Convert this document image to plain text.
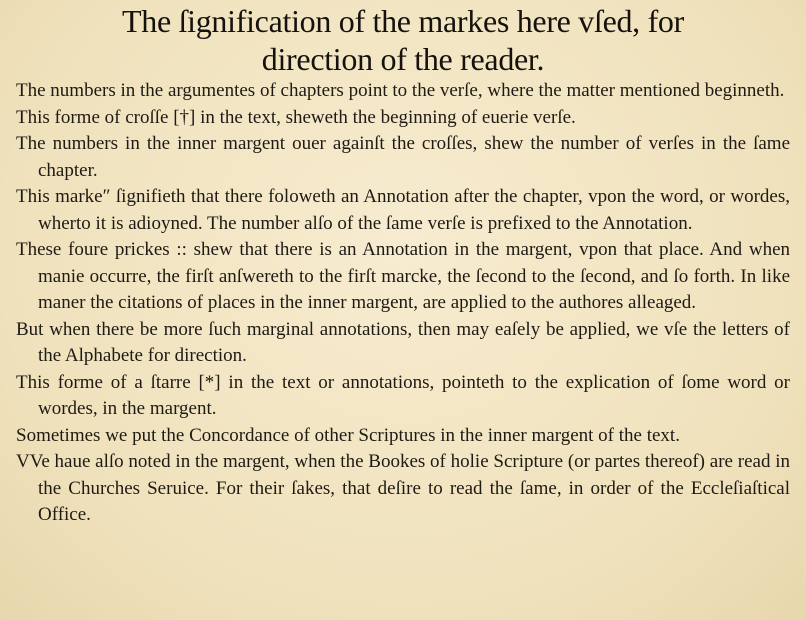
The ſignification of the markes here vſed, for
direction of the reader.

The numbers in the argumentes of chapters point to the verſe, where the matter mentioned beginneth.

This forme of croſſe [†] in the text, sheweth the beginning of euerie verſe.

The numbers in the inner margent ouer againſt the croſſes, shew the number of verſes in the ſame chapter.

This marke″ ſignifieth that there foloweth an Annotation after the chapter, vpon the word, or wordes, wherto it is adioyned. The number alſo of the ſame verſe is prefixed to the Annotation.

These foure prickes :: shew that there is an Annotation in the margent, vpon that place. And when manie occurre, the firſt anſwereth to the firſt marcke, the ſecond to the ſecond, and ſo forth. In like maner the citations of places in the inner margent, are applied to the authores alleaged.

But when there be more ſuch marginal annotations, then may eaſely be applied, we vſe the letters of the Alphabete for direction.

This forme of a ſtarre [*] in the text or annotations, pointeth to the explication of ſome word or wordes, in the margent.

Sometimes we put the Concordance of other Scriptures in the inner margent of the text.

VVe haue alſo noted in the margent, when the Bookes of holie Scripture (or partes thereof) are read in the Churches Seruice. For their ſakes, that deſire to read the ſame, in order of the Eccleſiaſtical Office.
